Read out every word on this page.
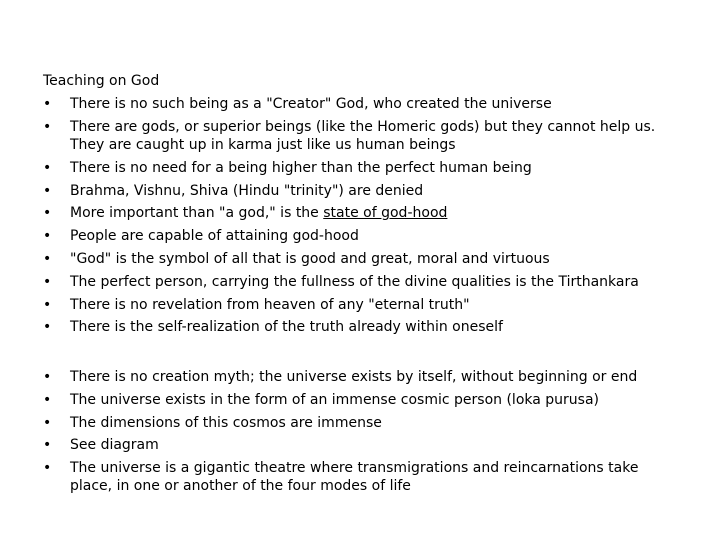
Teaching on God
•	There is no such being as a "Creator" God, who created the universe
•	There are gods, or superior beings (like the Homeric gods) but they cannot help us. They are caught up in karma just like us human beings
•	There is no need for a being higher than the perfect human being
•	Brahma, Vishnu, Shiva (Hindu "trinity") are denied
•	More important than "a god," is the state of god-hood
•	People are capable of attaining god-hood
•	"God" is the symbol of all that is good and great, moral and virtuous
•	The perfect person, carrying the fullness of the divine qualities is the Tirthankara
•	There is no revelation from heaven of any "eternal truth"
•	There is the self-realization of the truth already within oneself
•	There is no creation myth; the universe exists by itself, without beginning or end
•	The universe exists in the form of an immense cosmic person (loka purusa)
•	The dimensions of this cosmos are immense
•	See diagram
•	The universe is a gigantic theatre where transmigrations and reincarnations take place, in one or another of the four modes of life
